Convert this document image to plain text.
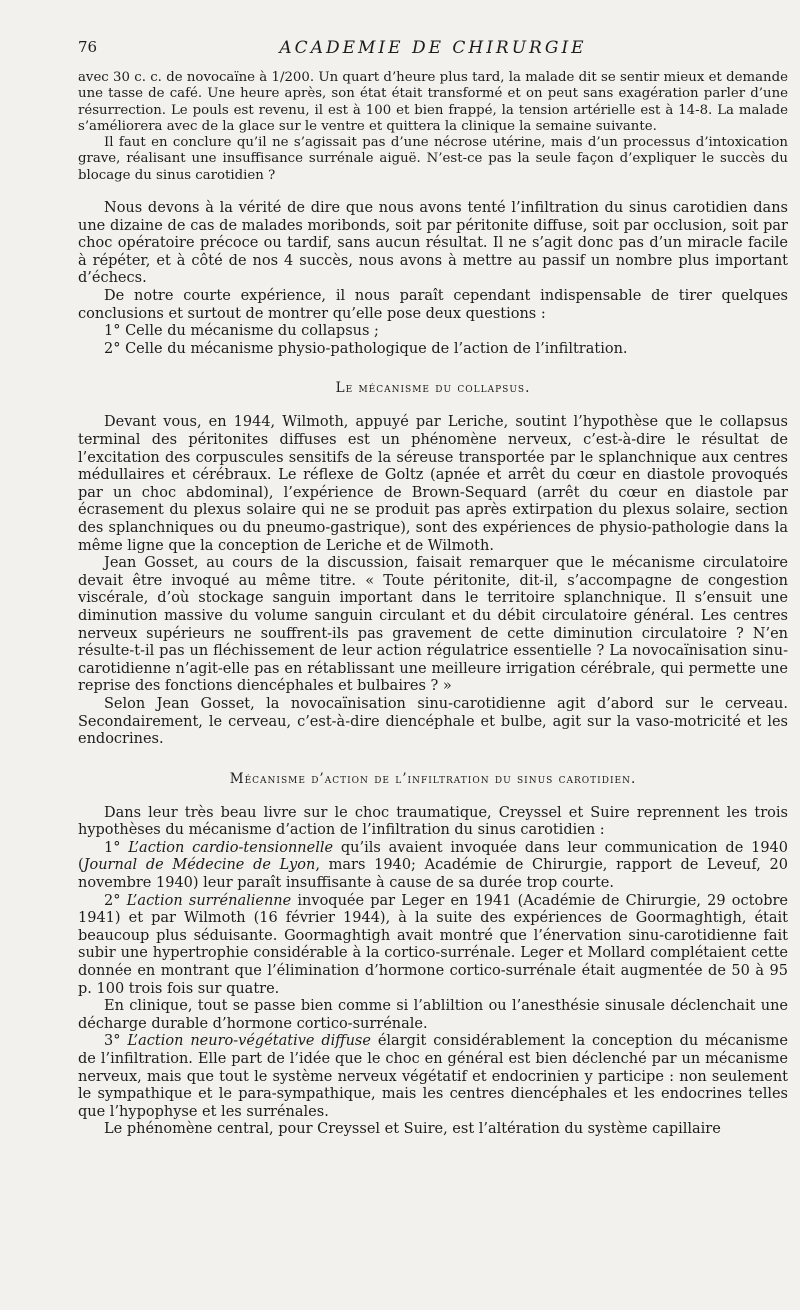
76	ACADEMIE DE CHIRURGIE

avec 30 c. c. de novocaïne à 1/200. Un quart d’heure plus tard, la malade dit se sentir mieux et demande une tasse de café. Une heure après, son état était transformé et on peut sans exagération parler d’une résurrection. Le pouls est revenu, il est à 100 et bien frappé, la tension artérielle est à 14-8. La malade s’améliorera avec de la glace sur le ventre et quittera la clinique la semaine suivante.

Il faut en conclure qu’il ne s’agissait pas d’une nécrose utérine, mais d’un processus d’intoxication grave, réalisant une insuffisance surrénale aiguë. N’est-ce pas la seule façon d’expliquer le succès du blocage du sinus carotidien ?

Nous devons à la vérité de dire que nous avons tenté l’infiltration du sinus carotidien dans une dizaine de cas de malades moribonds, soit par péritonite diffuse, soit par occlusion, soit par choc opératoire précoce ou tardif, sans aucun résultat. Il ne s’agit donc pas d’un miracle facile à répéter, et à côté de nos 4 succès, nous avons à mettre au passif un nombre plus important d’échecs.

De notre courte expérience, il nous paraît cependant indispensable de tirer quelques conclusions et surtout de montrer qu’elle pose deux questions :

1° Celle du mécanisme du collapsus ;

2° Celle du mécanisme physio-pathologique de l’action de l’infiltration.

Le mécanisme du collapsus.

Devant vous, en 1944, Wilmoth, appuyé par Leriche, soutint l’hypothèse que le collapsus terminal des péritonites diffuses est un phénomène nerveux, c’est-à-dire le résultat de l’excitation des corpuscules sensitifs de la séreuse transportée par le splanchnique aux centres médullaires et cérébraux. Le réflexe de Goltz (apnée et arrêt du cœur en diastole provoqués par un choc abdominal), l’expérience de Brown-Sequard (arrêt du cœur en diastole par écrasement du plexus solaire qui ne se produit pas après extirpation du plexus solaire, section des splanchniques ou du pneumo-gastrique), sont des expériences de physio-pathologie dans la même ligne que la conception de Leriche et de Wilmoth.

Jean Gosset, au cours de la discussion, faisait remarquer que le mécanisme circulatoire devait être invoqué au même titre. « Toute péritonite, dit-il, s’accompagne de congestion viscérale, d’où stockage sanguin important dans le territoire splanchnique. Il s’ensuit une diminution massive du volume sanguin circulant et du débit circulatoire général. Les centres nerveux supérieurs ne souffrent-ils pas gravement de cette diminution circulatoire ? N’en résulte-t-il pas un fléchissement de leur action régulatrice essentielle ? La novocaïnisation sinu-carotidienne n’agit-elle pas en rétablissant une meilleure irrigation cérébrale, qui permette une reprise des fonctions diencéphales et bulbaires ? »

Selon Jean Gosset, la novocaïnisation sinu-carotidienne agit d’abord sur le cerveau. Secondairement, le cerveau, c’est-à-dire diencéphale et bulbe, agit sur la vaso-motricité et les endocrines.

Mécanisme d’action de l’infiltration du sinus carotidien.

Dans leur très beau livre sur le choc traumatique, Creyssel et Suire reprennent les trois hypothèses du mécanisme d’action de l’infiltration du sinus carotidien :

1° L’action cardio-tensionnelle qu’ils avaient invoquée dans leur communication de 1940 (Journal de Médecine de Lyon, mars 1940; Académie de Chirurgie, rapport de Leveuf, 20 novembre 1940) leur paraît insuffisante à cause de sa durée trop courte.

2° L’action surrénalienne invoquée par Leger en 1941 (Académie de Chirurgie, 29 octobre 1941) et par Wilmoth (16 février 1944), à la suite des expériences de Goormaghtigh, était beaucoup plus séduisante. Goormaghtigh avait montré que l’énervation sinu-carotidienne fait subir une hypertrophie considérable à la cortico-surrénale. Leger et Mollard complétaient cette donnée en montrant que l’élimination d’hormone cortico-surrénale était augmentée de 50 à 95 p. 100 trois fois sur quatre.

En clinique, tout se passe bien comme si l’abliltion ou l’anesthésie sinusale déclenchait une décharge durable d’hormone cortico-surrénale.

3° L’action neuro-végétative diffuse élargit considérablement la conception du mécanisme de l’infiltration. Elle part de l’idée que le choc en général est bien déclenché par un mécanisme nerveux, mais que tout le système nerveux végétatif et endocrinien y participe : non seulement le sympathique et le para-sympathique, mais les centres diencéphales et les endocrines telles que l’hypophyse et les surrénales.

Le phénomène central, pour Creyssel et Suire, est l’altération du système capillaire
